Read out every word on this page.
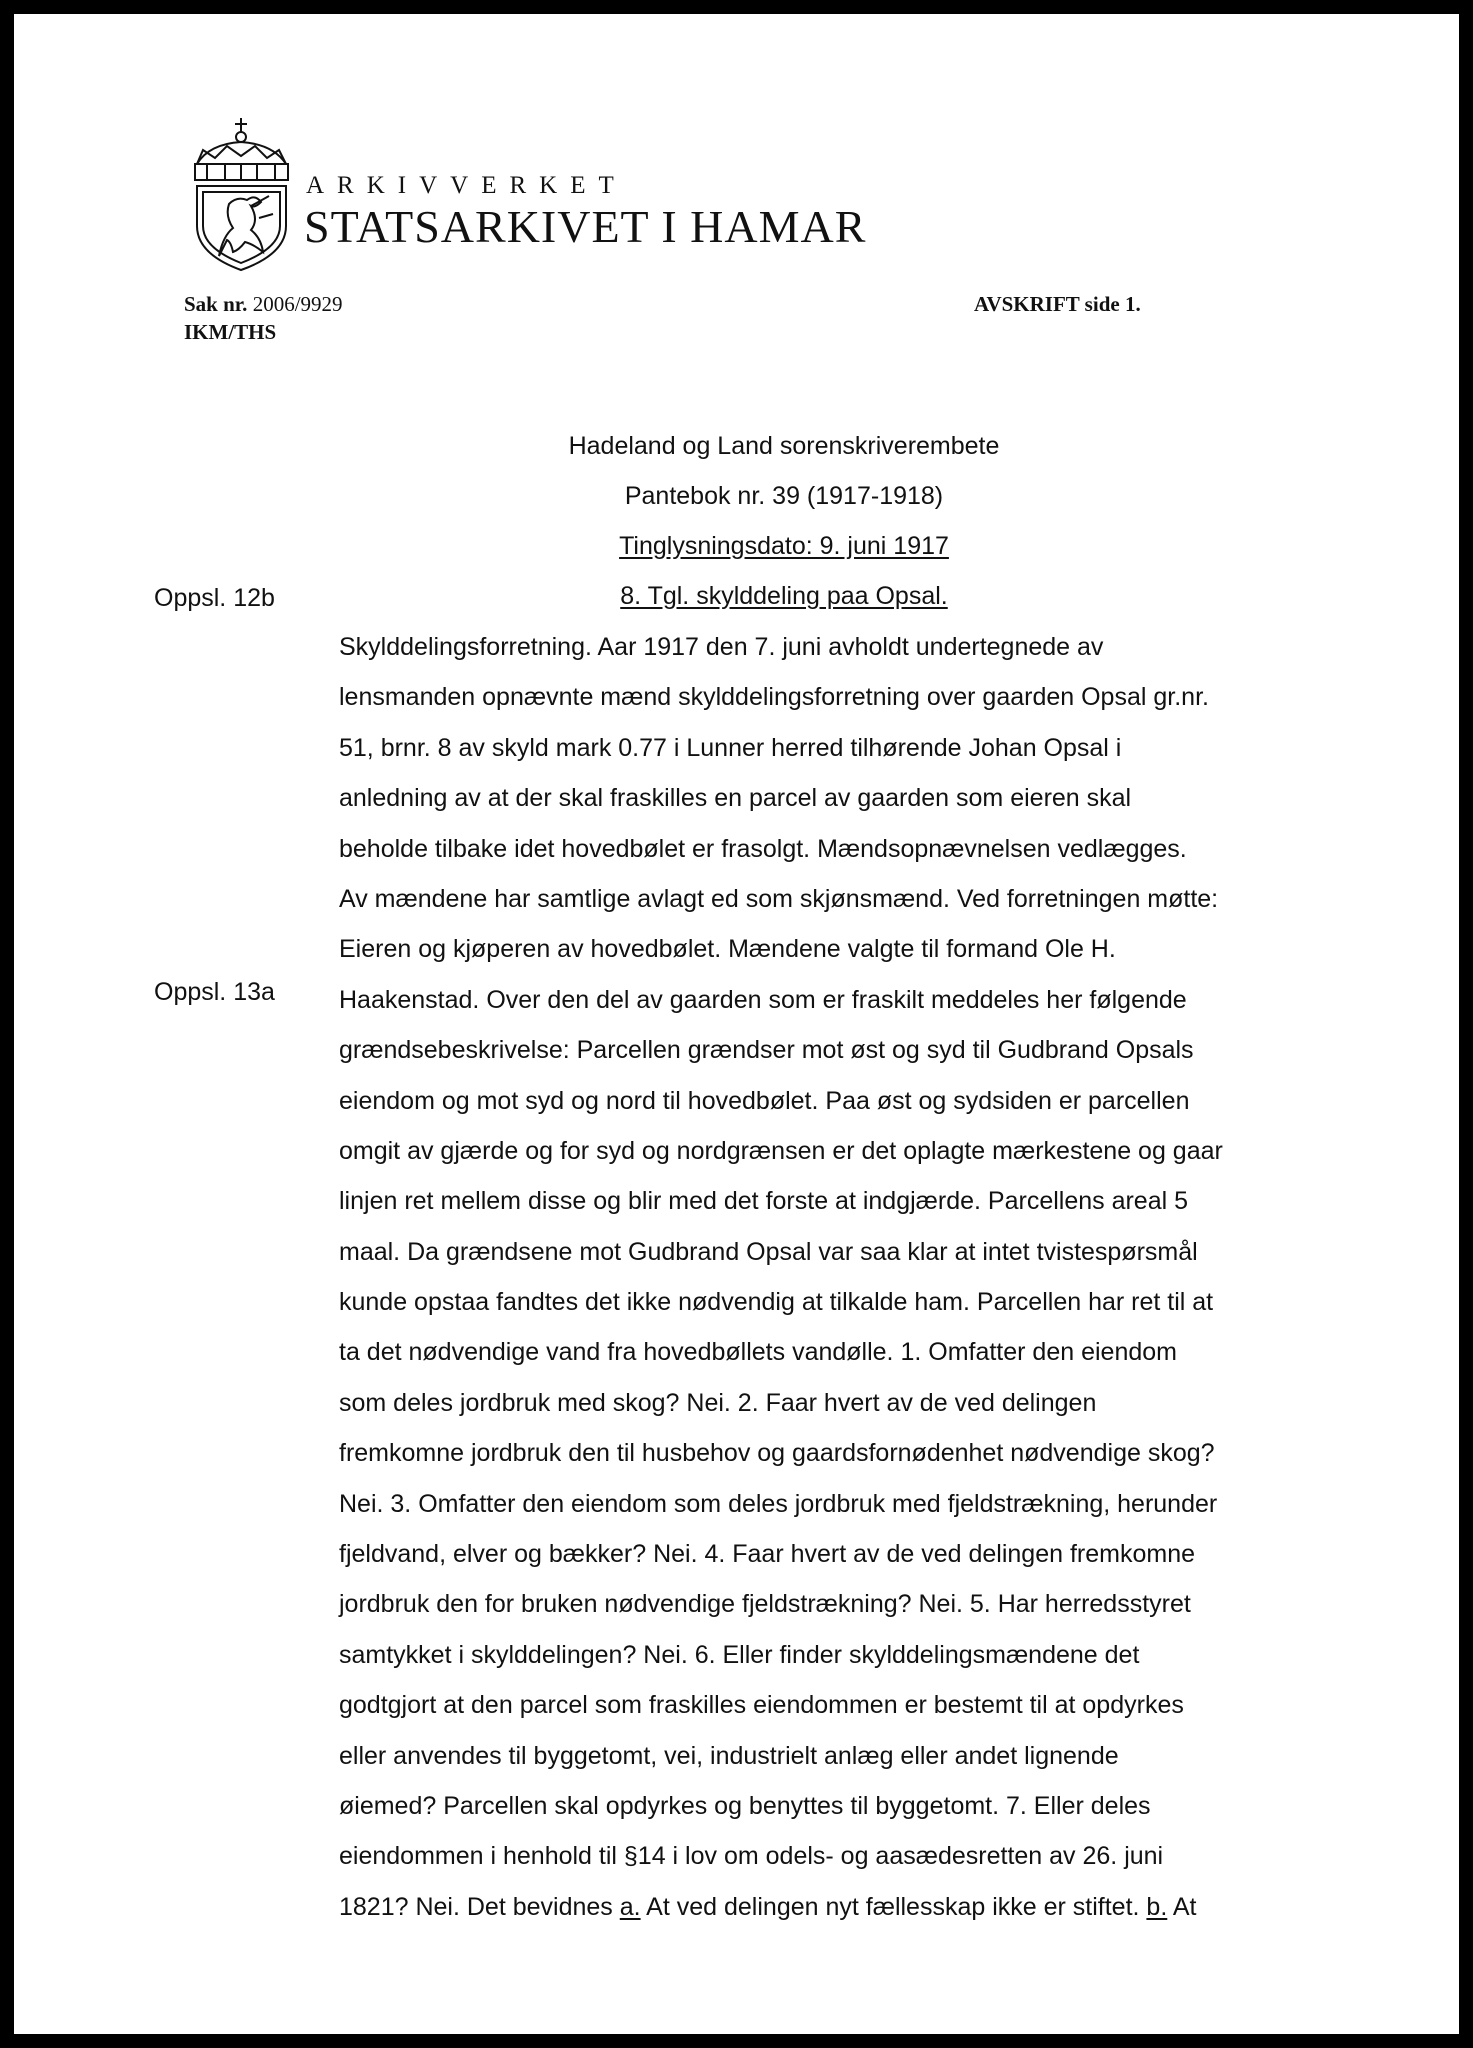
ARKIVVERKET
STATSARKIVET I HAMAR
Sak nr. 2006/9929
IKM/THS
AVSKRIFT side 1.
Hadeland og Land sorenskriverembete
Pantebok nr. 39 (1917-1918)
Tinglysningsdato: 9. juni 1917
8. Tgl. skylddeling paa Opsal.
Oppsl. 12b
Oppsl. 13a
Skylddelingsforretning. Aar 1917 den 7. juni avholdt undertegnede av
lensmanden opnævnte mænd skylddelingsforretning over gaarden Opsal gr.nr.
51, brnr. 8 av skyld mark 0.77 i Lunner herred tilhørende Johan Opsal i
anledning av at der skal fraskilles en parcel av gaarden som eieren skal
beholde tilbake idet hovedbølet er frasolgt. Mændsopnævnelsen vedlægges.
Av mændene har samtlige avlagt ed som skjønsmænd. Ved forretningen møtte:
Eieren og kjøperen av hovedbølet. Mændene valgte til formand Ole H.
Haakenstad. Over den del av gaarden som er fraskilt meddeles her følgende
grændsebeskrivelse: Parcellen grændser mot øst og syd til Gudbrand Opsals
eiendom og mot syd og nord til hovedbølet. Paa øst og sydsiden er parcellen
omgit av gjærde og for syd og nordgrænsen er det oplagte mærkestene og gaar
linjen ret mellem disse og blir med det forste at indgjærde. Parcellens areal 5
maal. Da grændsene mot Gudbrand Opsal var saa klar at intet tvistespørsmål
kunde opstaa fandtes det ikke nødvendig at tilkalde ham. Parcellen har ret til at
ta det nødvendige vand fra hovedbøllets vandølle. 1. Omfatter den eiendom
som deles jordbruk med skog? Nei. 2. Faar hvert av de ved delingen
fremkomne jordbruk den til husbehov og gaardsfornødenhet nødvendige skog?
Nei. 3. Omfatter den eiendom som deles jordbruk med fjeldstrækning, herunder
fjeldvand, elver og bækker? Nei. 4. Faar hvert av de ved delingen fremkomne
jordbruk den for bruken nødvendige fjeldstrækning? Nei. 5. Har herredsstyret
samtykket i skylddelingen? Nei. 6. Eller finder skylddelingsmændene det
godtgjort at den parcel som fraskilles eiendommen er bestemt til at opdyrkes
eller anvendes til byggetomt, vei, industrielt anlæg eller andet lignende
øiemed? Parcellen skal opdyrkes og benyttes til byggetomt. 7. Eller deles
eiendommen i henhold til §14 i lov om odels- og aasædesretten av 26. juni
1821? Nei. Det bevidnes a. At ved delingen nyt fællesskap ikke er stiftet. b. At
